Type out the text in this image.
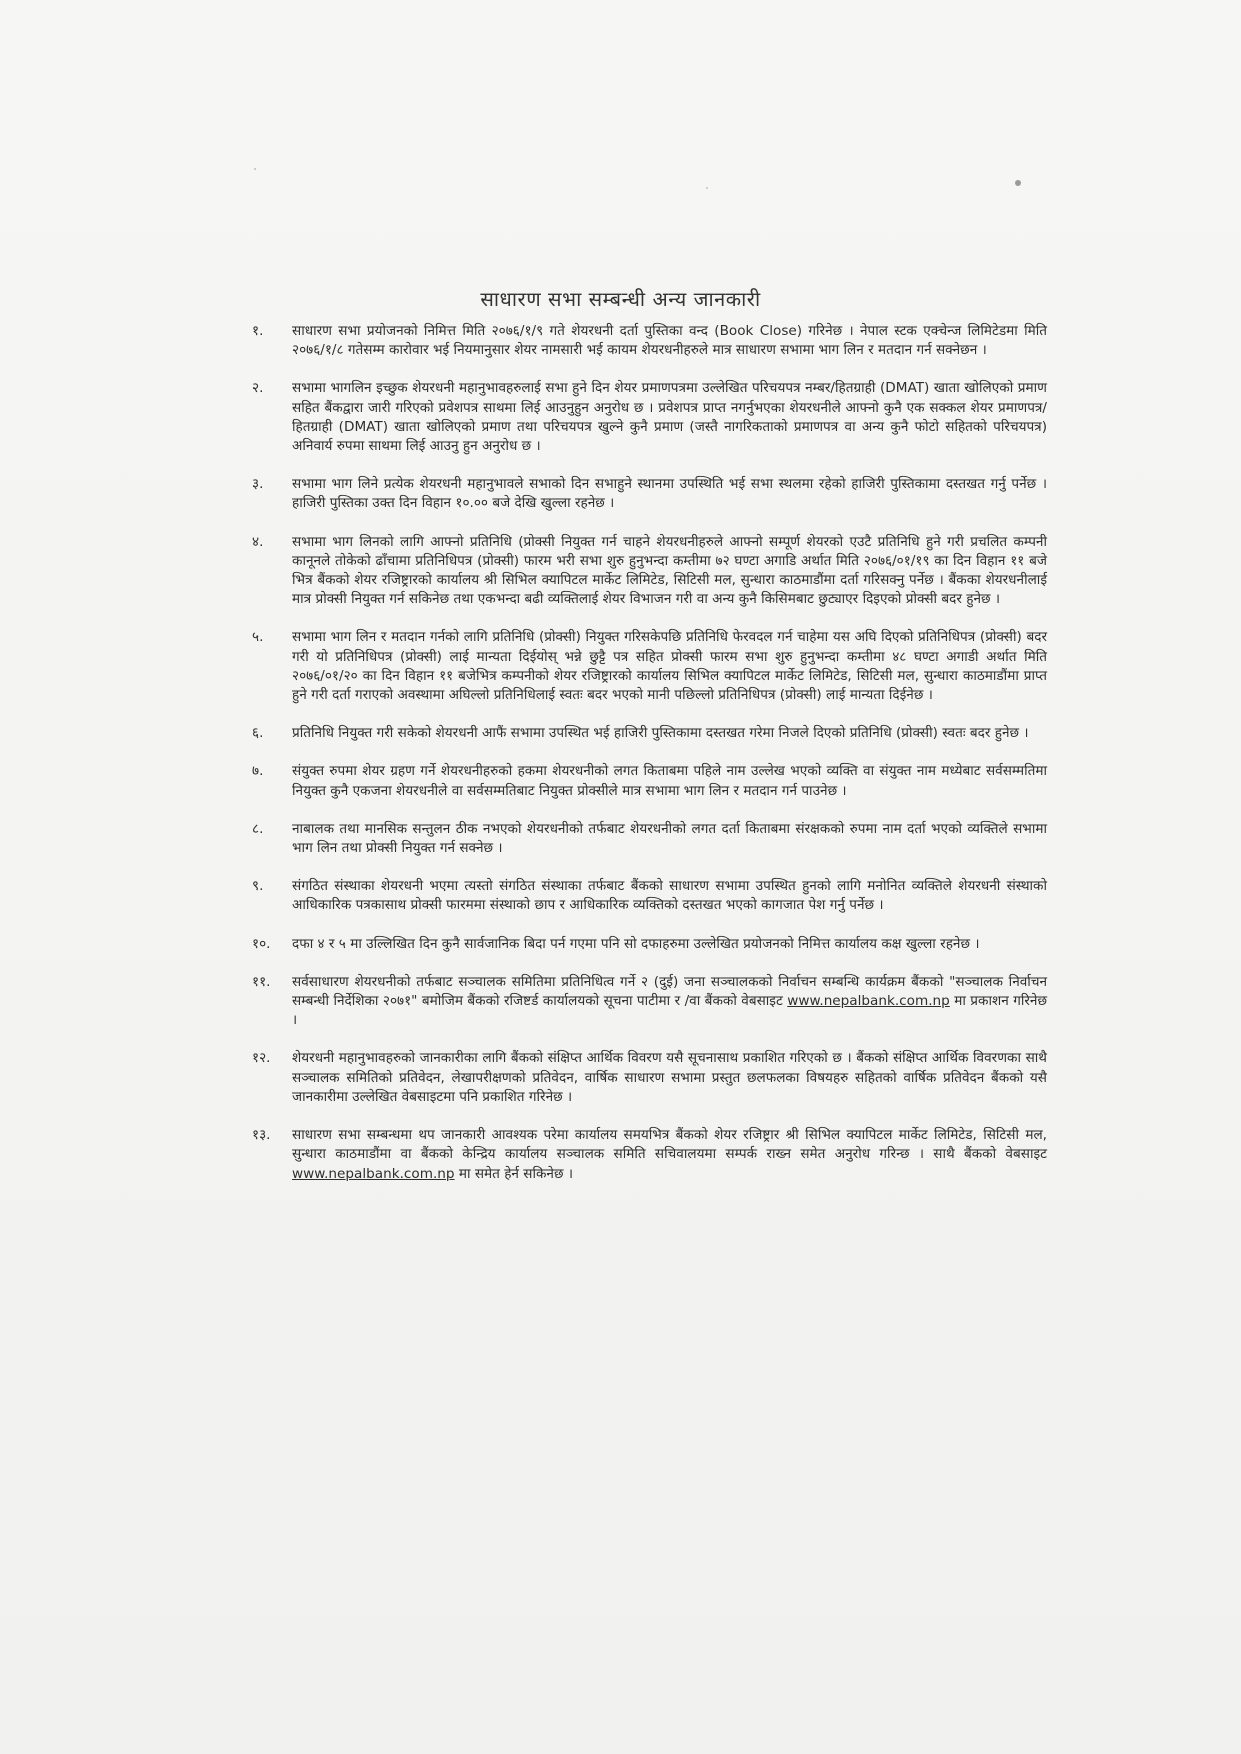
साधारण सभा सम्बन्धी अन्य जानकारी
१.	साधारण सभा प्रयोजनको निमित्त मिति २०७६/१/९ गते शेयरधनी दर्ता पुस्तिका वन्द (Book Close) गरिनेछ । नेपाल स्टक एक्चेन्ज लिमिटेडमा मिति २०७६/१/८ गतेसम्म कारोवार भई नियमानुसार शेयर नामसारी भई कायम शेयरधनीहरुले मात्र साधारण सभामा भाग लिन र मतदान गर्न सक्नेछन ।
२.	सभामा भागलिन इच्छुक शेयरधनी महानुभावहरुलाई सभा हुने दिन शेयर प्रमाणपत्रमा उल्लेखित परिचयपत्र नम्बर/हितग्राही (DMAT) खाता खोलिएको प्रमाण सहित बैंकद्वारा जारी गरिएको प्रवेशपत्र साथमा लिई आउनुहुन अनुरोध छ । प्रवेशपत्र प्राप्त नगर्नुभएका शेयरधनीले आफ्नो कुनै एक सक्कल शेयर प्रमाणपत्र/हितग्राही (DMAT) खाता खोलिएको प्रमाण तथा परिचयपत्र खुल्ने कुनै प्रमाण (जस्तै नागरिकताको प्रमाणपत्र वा अन्य कुनै फोटो सहितको परिचयपत्र) अनिवार्य रुपमा साथमा लिई आउनु हुन अनुरोध छ ।
३.	सभामा भाग लिने प्रत्येक शेयरधनी महानुभावले सभाको दिन सभाहुने स्थानमा उपस्थिति भई सभा स्थलमा रहेको हाजिरी पुस्तिकामा दस्तखत गर्नु पर्नेछ । हाजिरी पुस्तिका उक्त दिन विहान १०.०० बजे देखि खुल्ला रहनेछ ।
४.	सभामा भाग लिनको लागि आफ्नो प्रतिनिधि (प्रोक्सी नियुक्त गर्न चाहने शेयरधनीहरुले आफ्नो सम्पूर्ण शेयरको एउटै प्रतिनिधि हुने गरी प्रचलित कम्पनी कानूनले तोकेको ढाँचामा प्रतिनिधिपत्र (प्रोक्सी) फारम भरी सभा शुरु हुनुभन्दा कम्तीमा ७२ घण्टा अगाडि अर्थात मिति २०७६/०१/१९ का दिन विहान ११ बजे भित्र बैंकको शेयर रजिष्ट्रारको कार्यालय श्री सिभिल क्यापिटल मार्केट लिमिटेड, सिटिसी मल, सुन्धारा काठमाडौंमा दर्ता गरिसक्नु पर्नेछ । बैंकका शेयरधनीलाई मात्र प्रोक्सी नियुक्त गर्न सकिनेछ तथा एकभन्दा बढी व्यक्तिलाई शेयर विभाजन गरी वा अन्य कुनै किसिमबाट छुट्याएर दिइएको प्रोक्सी बदर हुनेछ ।
५.	सभामा भाग लिन र मतदान गर्नको लागि प्रतिनिधि (प्रोक्सी) नियुक्त गरिसकेपछि प्रतिनिधि फेरवदल गर्न चाहेमा यस अघि दिएको प्रतिनिधिपत्र (प्रोक्सी) बदर गरी यो प्रतिनिधिपत्र (प्रोक्सी) लाई मान्यता दिईयोस् भन्ने छुट्टै पत्र सहित प्रोक्सी फारम सभा शुरु हुनुभन्दा कम्तीमा ४८ घण्टा अगाडी अर्थात मिति २०७६/०१/२० का दिन विहान ११ बजेभित्र कम्पनीको शेयर रजिष्ट्रारको कार्यालय सिभिल क्यापिटल मार्केट लिमिटेड, सिटिसी मल, सुन्धारा काठमाडौंमा प्राप्त हुने गरी दर्ता गराएको अवस्थामा अघिल्लो प्रतिनिधिलाई स्वतः बदर भएको मानी पछिल्लो प्रतिनिधिपत्र (प्रोक्सी) लाई मान्यता दिईनेछ ।
६.	प्रतिनिधि नियुक्त गरी सकेको शेयरधनी आफैं सभामा उपस्थित भई हाजिरी पुस्तिकामा दस्तखत गरेमा निजले दिएको प्रतिनिधि (प्रोक्सी) स्वतः बदर हुनेछ ।
७.	संयुक्त रुपमा शेयर ग्रहण गर्ने शेयरधनीहरुको हकमा शेयरधनीको लगत किताबमा पहिले नाम उल्लेख भएको व्यक्ति वा संयुक्त नाम मध्येबाट सर्वसम्मतिमा नियुक्त कुनै एकजना शेयरधनीले वा सर्वसम्मतिबाट नियुक्त प्रोक्सीले मात्र सभामा भाग लिन र मतदान गर्न पाउनेछ ।
८.	नाबालक तथा मानसिक सन्तुलन ठीक नभएको शेयरधनीको तर्फबाट शेयरधनीको लगत दर्ता किताबमा संरक्षकको रुपमा नाम दर्ता भएको व्यक्तिले सभामा भाग लिन तथा प्रोक्सी नियुक्त गर्न सक्नेछ ।
९.	संगठित संस्थाका शेयरधनी भएमा त्यस्तो संगठित संस्थाका तर्फबाट बैंकको साधारण सभामा उपस्थित हुनको लागि मनोनित व्यक्तिले शेयरधनी संस्थाको आधिकारिक पत्रकासाथ प्रोक्सी फारममा संस्थाको छाप र आधिकारिक व्यक्तिको दस्तखत भएको कागजात पेश गर्नु पर्नेछ ।
१०.	दफा ४ र ५ मा उल्लिखित दिन कुनै सार्वजानिक बिदा पर्न गएमा पनि सो दफाहरुमा उल्लेखित प्रयोजनको निमित्त कार्यालय कक्ष खुल्ला रहनेछ ।
११.	सर्वसाधारण शेयरधनीको तर्फबाट सञ्चालक समितिमा प्रतिनिधित्व गर्ने २ (दुई) जना सञ्चालकको निर्वाचन सम्बन्धि कार्यक्रम बैंकको "सञ्चालक निर्वाचन सम्बन्धी निर्देशिका २०७१" बमोजिम बैंकको रजिष्टर्ड कार्यालयको सूचना पाटीमा र /वा बैंकको वेबसाइट www.nepalbank.com.np मा प्रकाशन गरिनेछ ।
१२.	शेयरधनी महानुभावहरुको जानकारीका लागि बैंकको संक्षिप्त आर्थिक विवरण यसै सूचनासाथ प्रकाशित गरिएको छ । बैंकको संक्षिप्त आर्थिक विवरणका साथै सञ्चालक समितिको प्रतिवेदन, लेखापरीक्षणको प्रतिवेदन, वार्षिक साधारण सभामा प्रस्तुत छलफलका विषयहरु सहितको वार्षिक प्रतिवेदन बैंकको यसै जानकारीमा उल्लेखित वेबसाइटमा पनि प्रकाशित गरिनेछ ।
१३.	साधारण सभा सम्बन्धमा थप जानकारी आवश्यक परेमा कार्यालय समयभित्र बैंकको शेयर रजिष्ट्रार श्री सिभिल क्यापिटल मार्केट लिमिटेड, सिटिसी मल, सुन्धारा काठमाडौंमा वा बैंकको केन्द्रिय कार्यालय सञ्चालक समिति सचिवालयमा सम्पर्क राख्न समेत अनुरोध गरिन्छ । साथै बैंकको वेबसाइट www.nepalbank.com.np मा समेत हेर्न सकिनेछ ।
